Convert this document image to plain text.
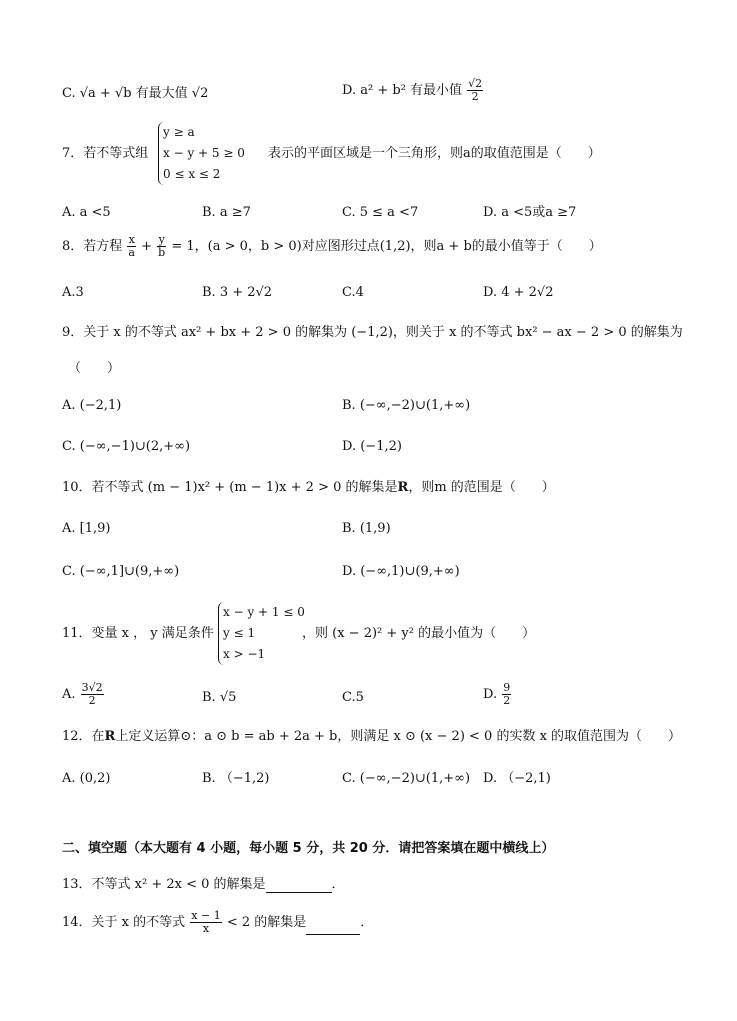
C. √a + √b 有最大值 √2	D. a² + b² 有最小值 $\frac{√2}{2}$
7．若不等式组
y ≥ a
x − y + 5 ≥ 0
0 ≤ x ≤ 2
表示的平面区域是一个三角形，则a的取值范围是（　　）
A. a <5	B. a ≥7	C. 5 ≤ a <7	D. a <5或a ≥7
8．若方程 $\frac{x}{a} + \frac{y}{b} = 1$，(a > 0，b > 0)对应图形过点(1,2)，则a + b的最小值等于（　　）
A.3	B. 3 + 2√2	C.4	D. 4 + 2√2
9．关于 x 的不等式 ax² + bx + 2 > 0 的解集为 (−1,2)，则关于 x 的不等式 bx² − ax − 2 > 0 的解集为
（　　）
A. (−2,1)	B. (−∞,−2)∪(1,+∞)
C. (−∞,−1)∪(2,+∞)	D. (−1,2)
10．若不等式 (m − 1)x² + (m − 1)x + 2 > 0 的解集是R，则m 的范围是（　　）
A. [1,9)	B. (1,9)
C. (−∞,1]∪(9,+∞)	D. (−∞,1)∪(9,+∞)
11．变量 x ， y 满足条件
x − y + 1 ≤ 0
y ≤ 1
x > −1
，则 (x − 2)² + y² 的最小值为（　　）
A. $\frac{3√2}{2}$	B. √5	C.5	D. $\frac{9}{2}$
12．在R上定义运算⊙：a ⊙ b = ab + 2a + b，则满足 x ⊙ (x − 2) < 0 的实数 x 的取值范围为（　　）
A. (0,2)	B. （−1,2)	C. (−∞,−2)∪(1,+∞) D. （−2,1)
二、填空题（本大题有 4 小题，每小题 5 分，共 20 分．请把答案填在题中横线上）
13．不等式 x² + 2x < 0 的解集是	．
14．关于 x 的不等式 $\frac{x - 1}{x} < 2$ 的解集是	．
